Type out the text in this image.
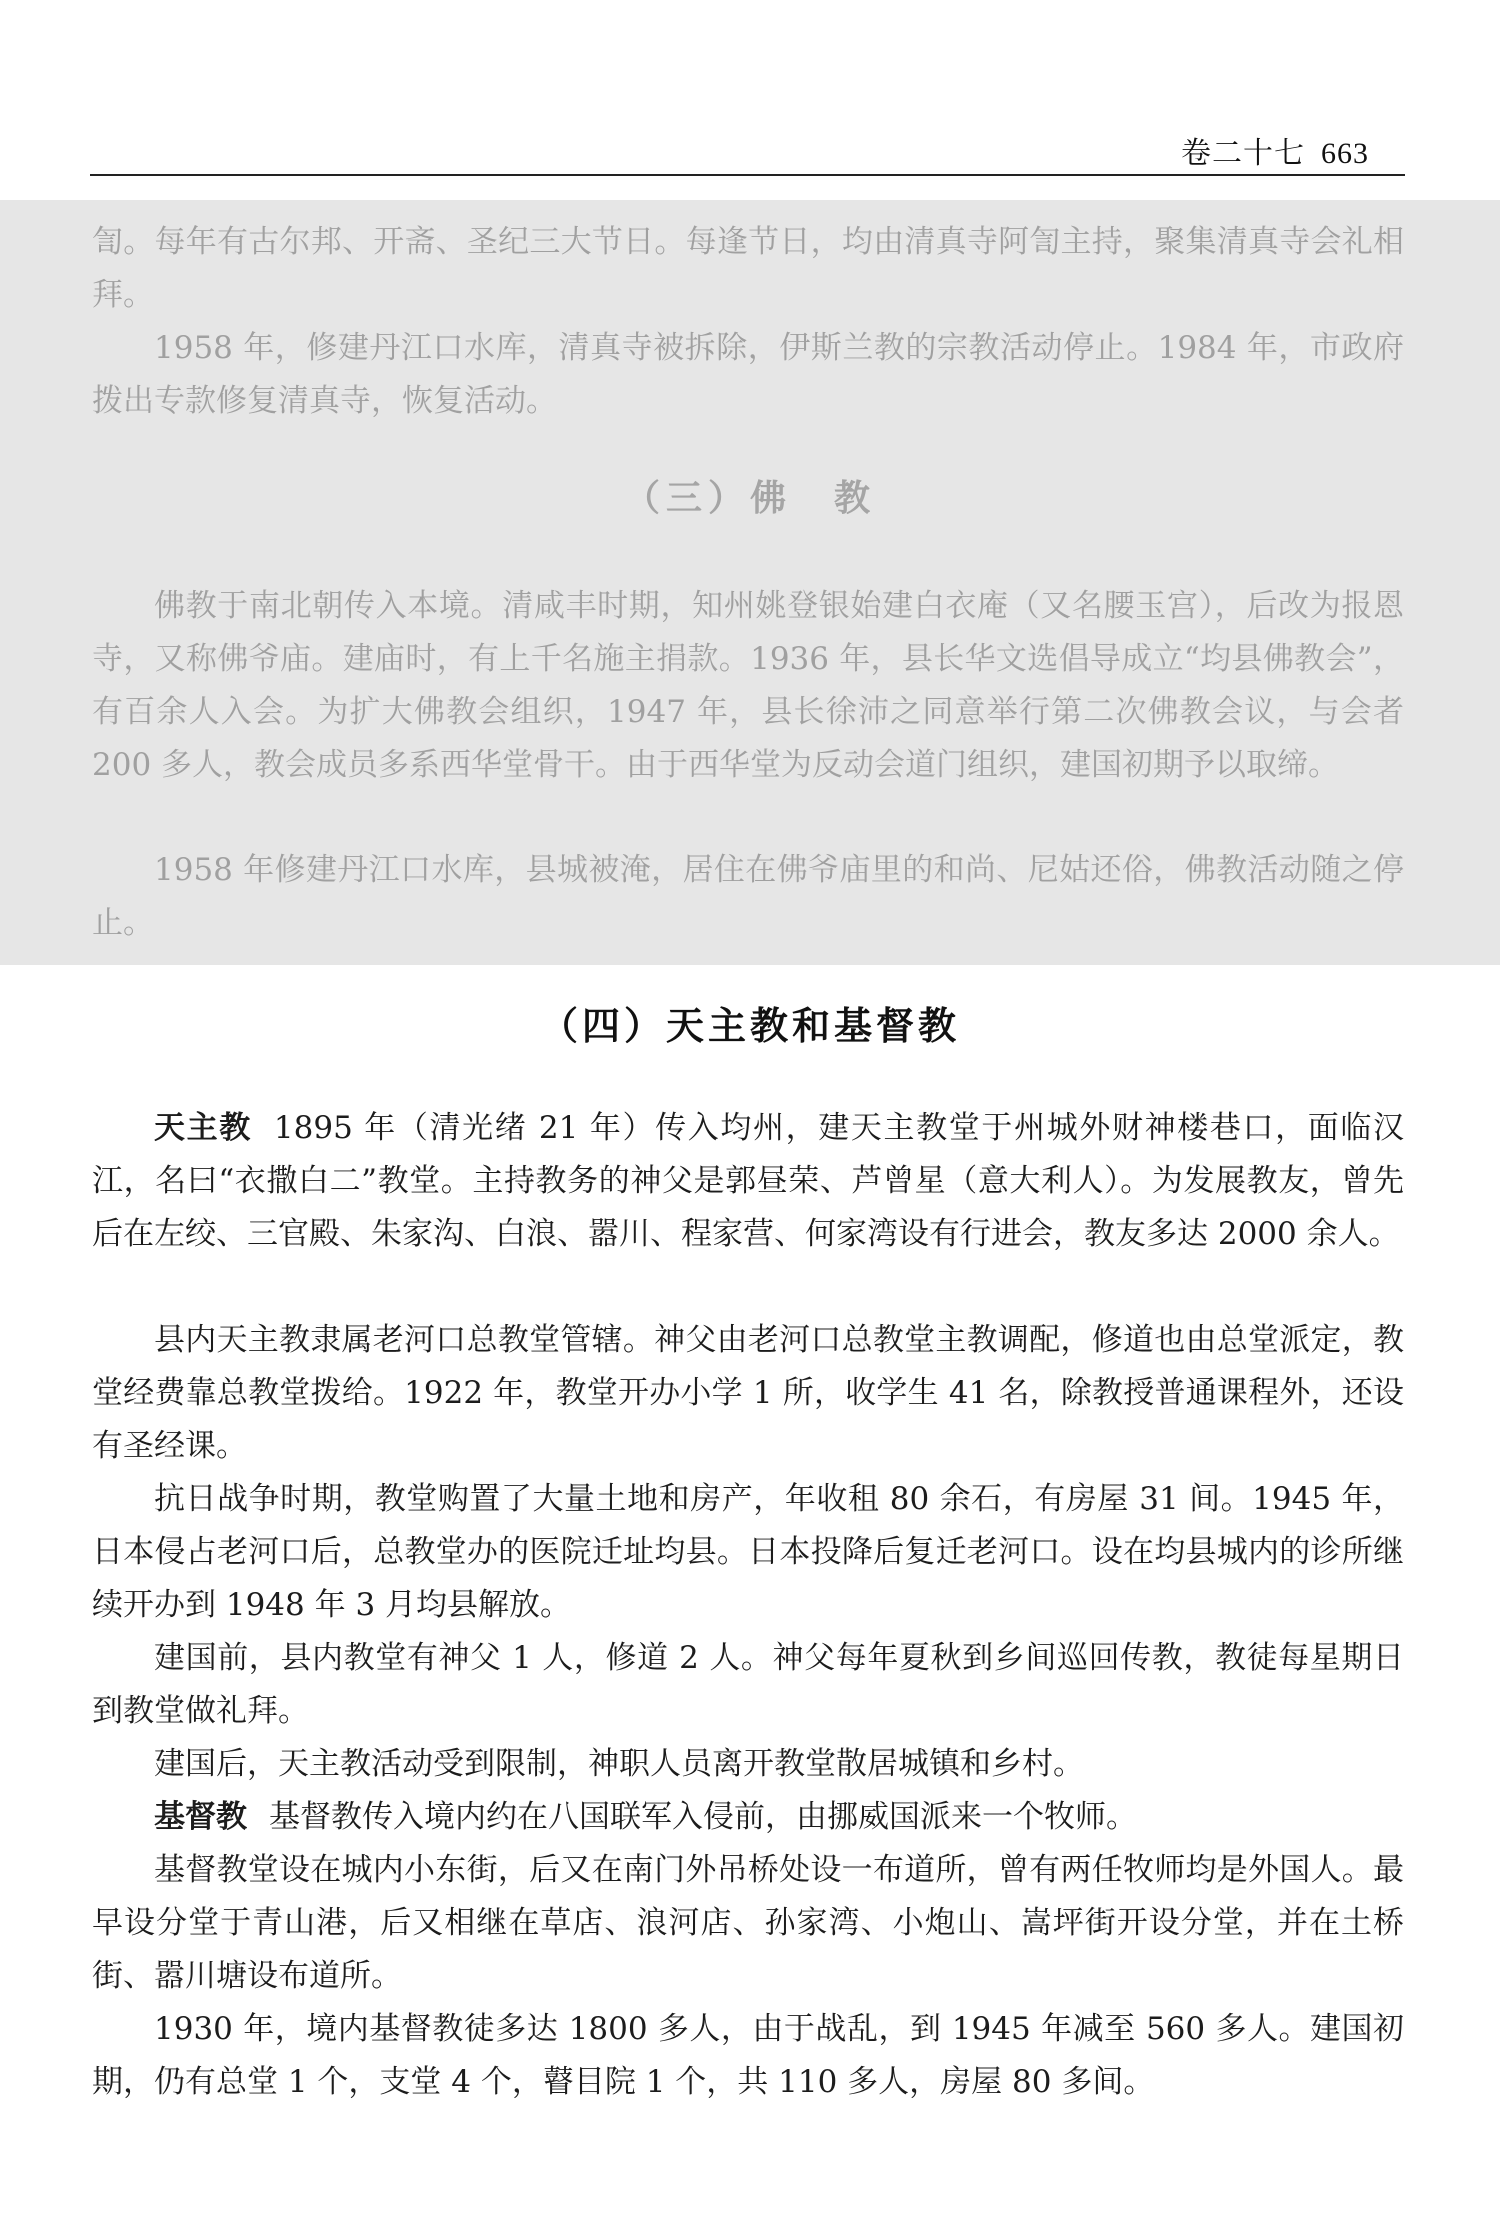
卷二十七 663

訇。每年有古尔邦、开斋、圣纪三大节日。每逢节日，均由清真寺阿訇主持，聚集清真寺会礼相拜。

1958 年，修建丹江口水库，清真寺被拆除，伊斯兰教的宗教活动停止。1984 年，市政府拨出专款修复清真寺，恢复活动。

（三）佛　教

佛教于南北朝传入本境。清咸丰时期，知州姚登银始建白衣庵（又名腰玉宫），后改为报恩寺，又称佛爷庙。建庙时，有上千名施主捐款。1936 年，县长华文选倡导成立“均县佛教会”，有百余人入会。为扩大佛教会组织，1947 年，县长徐沛之同意举行第二次佛教会议，与会者 200 多人，教会成员多系西华堂骨干。由于西华堂为反动会道门组织，建国初期予以取缔。

1958 年修建丹江口水库，县城被淹，居住在佛爷庙里的和尚、尼姑还俗，佛教活动随之停止。

（四）天主教和基督教

天主教 1895 年（清光绪 21 年）传入均州，建天主教堂于州城外财神楼巷口，面临汉江，名曰“衣撒白二”教堂。主持教务的神父是郭昼荣、芦曾星（意大利人）。为发展教友，曾先后在左绞、三官殿、朱家沟、白浪、嚣川、程家营、何家湾设有行进会，教友多达 2000 余人。

县内天主教隶属老河口总教堂管辖。神父由老河口总教堂主教调配，修道也由总堂派定，教堂经费靠总教堂拨给。1922 年，教堂开办小学 1 所，收学生 41 名，除教授普通课程外，还设有圣经课。

抗日战争时期，教堂购置了大量土地和房产，年收租 80 余石，有房屋 31 间。1945 年，日本侵占老河口后，总教堂办的医院迁址均县。日本投降后复迁老河口。设在均县城内的诊所继续开办到 1948 年 3 月均县解放。

建国前，县内教堂有神父 1 人，修道 2 人。神父每年夏秋到乡间巡回传教，教徒每星期日到教堂做礼拜。

建国后，天主教活动受到限制，神职人员离开教堂散居城镇和乡村。

基督教 基督教传入境内约在八国联军入侵前，由挪威国派来一个牧师。

基督教堂设在城内小东街，后又在南门外吊桥处设一布道所，曾有两任牧师均是外国人。最早设分堂于青山港，后又相继在草店、浪河店、孙家湾、小炮山、嵩坪街开设分堂，并在土桥街、嚣川塘设布道所。

1930 年，境内基督教徒多达 1800 多人，由于战乱，到 1945 年减至 560 多人。建国初期，仍有总堂 1 个，支堂 4 个，瞽目院 1 个，共 110 多人，房屋 80 多间。
